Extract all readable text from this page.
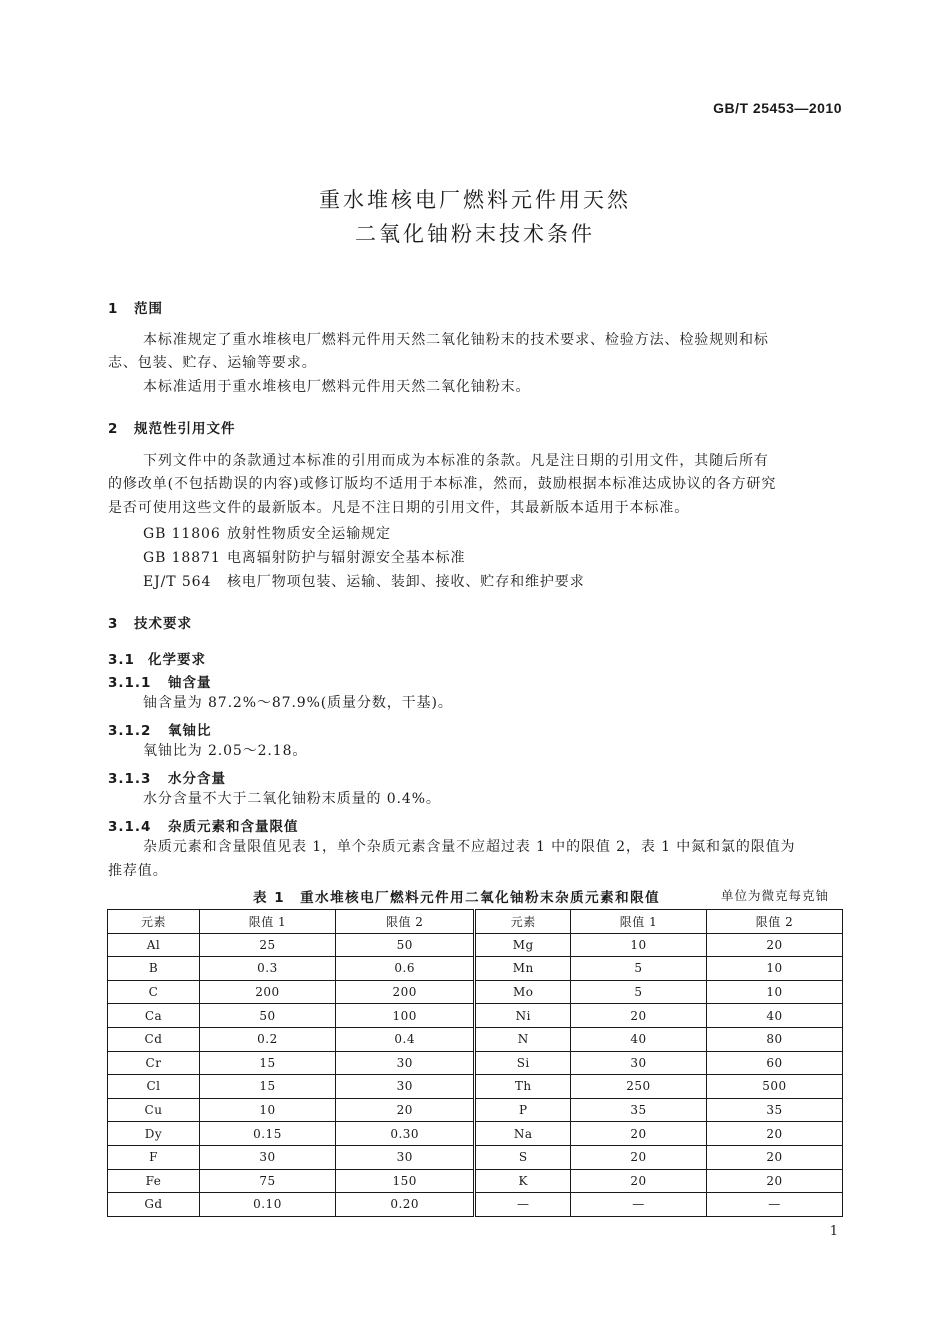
GB/T 25453—2010
重水堆核电厂燃料元件用天然
二氧化铀粉末技术条件
1 范围
本标准规定了重水堆核电厂燃料元件用天然二氧化铀粉末的技术要求、检验方法、检验规则和标
志、包装、贮存、运输等要求。
本标准适用于重水堆核电厂燃料元件用天然二氧化铀粉末。
2 规范性引用文件
下列文件中的条款通过本标准的引用而成为本标准的条款。凡是注日期的引用文件，其随后所有
的修改单(不包括勘误的内容)或修订版均不适用于本标准，然而，鼓励根据本标准达成协议的各方研究
是否可使用这些文件的最新版本。凡是不注日期的引用文件，其最新版本适用于本标准。
GB 11806 放射性物质安全运输规定
GB 18871 电离辐射防护与辐射源安全基本标准
EJ/T 564 核电厂物项包装、运输、装卸、接收、贮存和维护要求
3 技术要求
3.1 化学要求
3.1.1 铀含量
铀含量为 87.2%～87.9%(质量分数，干基)。
3.1.2 氧铀比
氧铀比为 2.05～2.18。
3.1.3 水分含量
水分含量不大于二氧化铀粉末质量的 0.4%。
3.1.4 杂质元素和含量限值
杂质元素和含量限值见表 1，单个杂质元素含量不应超过表 1 中的限值 2，表 1 中氮和氯的限值为
推荐值。
表 1　重水堆核电厂燃料元件用二氧化铀粉末杂质元素和限值	单位为微克每克铀
元素	限值 1	限值 2	元素	限值 1	限值 2
Al	25	50	Mg	10	20
B	0.3	0.6	Mn	5	10
C	200	200	Mo	5	10
Ca	50	100	Ni	20	40
Cd	0.2	0.4	N	40	80
Cr	15	30	Si	30	60
Cl	15	30	Th	250	500
Cu	10	20	P	35	35
Dy	0.15	0.30	Na	20	20
F	30	30	S	20	20
Fe	75	150	K	20	20
Gd	0.10	0.20	—	—	—
1
